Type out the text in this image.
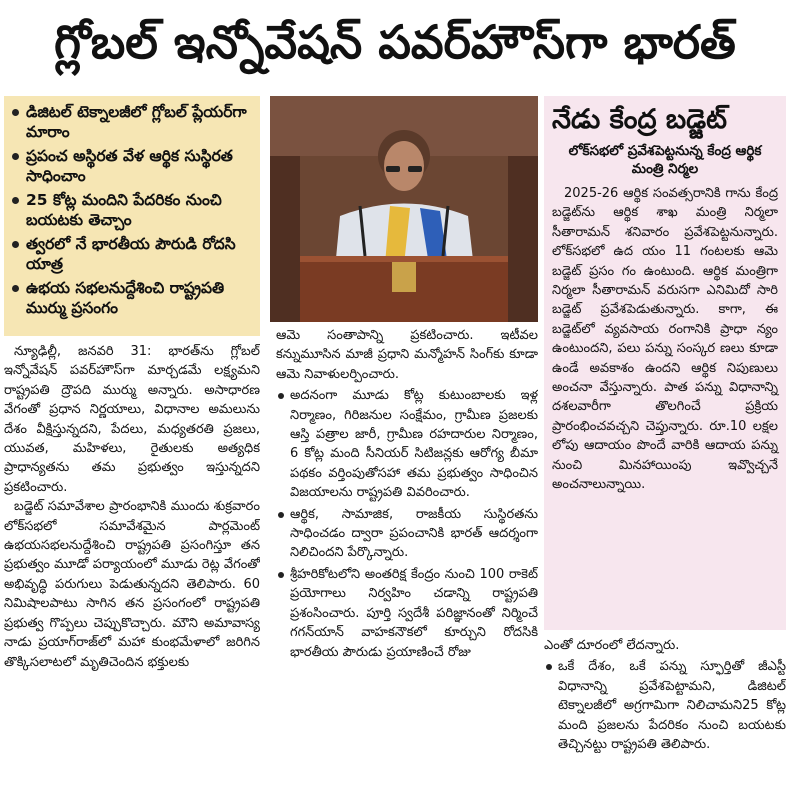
గ్లోబల్ ఇన్నోవేషన్ పవర్‌హౌస్‌గా భారత్
డిజిటల్ టెక్నాలజీలో గ్లోబల్ ప్లేయర్‌గా మారాం
ప్రపంచ అస్థిరత వేళ ఆర్థిక సుస్థిరత సాధించాం
25 కోట్ల మందిని పేదరికం నుంచి బయటకు తెచ్చాం
త్వరలో నే భారతీయ పౌరుడి రోదసి యాత్ర
ఉభయ సభలనుద్దేశించి రాష్ట్రపతి ముర్ము ప్రసంగం
నేడు కేంద్ర బడ్జెట్
లోక్‌సభలో ప్రవేశపెట్టనున్న కేంద్ర ఆర్థిక మంత్రి నిర్మల

2025-26 ఆర్థిక సంవత్సరానికి గాను కేంద్ర బడ్జెట్‌ను ఆర్థిక శాఖ మంత్రి నిర్మలా సీతారామన్ శనివారం ప్రవేశపెట్టనున్నారు. లోక్‌సభలో ఉద యం 11 గంటలకు ఆమె బడ్జెట్ ప్రసం గం ఉంటుంది. ఆర్థిక మంత్రిగా నిర్మలా సీతారామన్ వరుసగా ఎనిమిదో సారి బడ్జెట్ ప్రవేశపెడుతున్నారు. కాగా, ఈ బడ్జెట్‌లో వ్యవసాయ రంగానికి ప్రాధా న్యం ఉంటుందని, పలు పన్ను సంస్కర ణలు కూడా ఉండే అవకాశం ఉందని ఆర్థిక నిపుణులు అంచనా వేస్తున్నారు. పాత పన్ను విధానాన్ని దశలవారీగా తొలగించే ప్రక్రియ ప్రారంభించవచ్చని చెప్తున్నారు. రూ.10 లక్షల లోపు ఆదాయం పొందే వారికి ఆదాయ పన్ను నుంచి మినహాయింపు ఇవ్వొచ్చనే అంచనాలున్నాయి.

న్యూఢిల్లీ, జనవరి 31: భారత్‌ను గ్లోబల్ ఇన్నోవేషన్ పవర్‌హౌస్‌గా మార్చడమే లక్ష్యమని రాష్ట్రపతి ద్రౌపది ముర్ము అన్నారు. అసాధారణ వేగంతో ప్రధాన నిర్ణయాలు, విధానాల అమలును దేశం వీక్షిస్తున్నదని, పేదలు, మధ్యతరతి ప్రజలు, యువత, మహిళలు, రైతులకు అత్యధిక ప్రాధాన్యతను తమ ప్రభుత్వం ఇస్తున్నదని ప్రకటించారు.

బడ్జెట్ సమావేశాల ప్రారంభానికి ముందు శుక్రవారం లోక్‌సభలో సమావేశమైన పార్లమెంట్ ఉభయసభలనుద్దేశించి రాష్ట్రపతి ప్రసంగిస్తూ తన ప్రభుత్వం మూడో పర్యాయంలో మూడు రెట్ల వేగంతో అభివృద్ధి పరుగులు పెడుతున్నదని తెలిపారు. 60 నిమిషాలపాటు సాగిన తన ప్రసంగంలో రాష్ట్రపతి ప్రభుత్వ గొప్పలు చెప్పుకొచ్చారు. మౌని అమావాస్య నాడు ప్రయాగ్‌రాజ్‌లో మహా కుంభమేళాలో జరిగిన తొక్కిసలాటలో మృతిచెందిన భక్తులకు

ఆమె సంతాపాన్ని ప్రకటించారు. ఇటీవల కన్నుమూసిన మాజీ ప్రధాని మన్మోహన్ సింగ్‌కు కూడా ఆమె నివాళులర్పించారు.

అదనంగా మూడు కోట్ల కుటుంబాలకు ఇళ్ల నిర్మాణం, గిరిజనుల సంక్షేమం, గ్రామీణ ప్రజలకు ఆస్తి పత్రాల జారీ, గ్రామీణ రహదారుల నిర్మాణం, 6 కోట్ల మంది సీనియర్ సిటిజన్లకు ఆరోగ్య బీమా పథకం వర్తింపుతోసహా తమ ప్రభుత్వం సాధించిన విజయాలను రాష్ట్రపతి వివరించారు.

ఆర్థిక, సామాజిక, రాజకీయ సుస్థిరతను సాధించడం ద్వారా ప్రపంచానికి భారత్ ఆదర్శంగా నిలిచిందని పేర్కొన్నారు.

శ్రీహరికోటలోని అంతరిక్ష కేంద్రం నుంచి 100 రాకెట్ ప్రయోగాలు నిర్వహిం చడాన్ని రాష్ట్రపతి ప్రశంసించారు. పూర్తి స్వదేశీ పరిజ్ఞానంతో నిర్మించే గగన్‌యాన్ వాహకనౌకలో కూర్చుని రోదసికి భారతీయ పౌరుడు ప్రయాణించే రోజు	ఎంతో దూరంలో లేదన్నారు.

ఒకే దేశం, ఒకే పన్ను స్ఫూర్తితో జీఎస్టీ విధానాన్ని ప్రవేశపెట్టామని, డిజిటల్ టెక్నాలజీలో అగ్రగామిగా నిలిచామని25 కోట్ల మంది ప్రజలను పేదరికం నుంచి బయటకు తెచ్చినట్టు రాష్ట్రపతి తెలిపారు.
